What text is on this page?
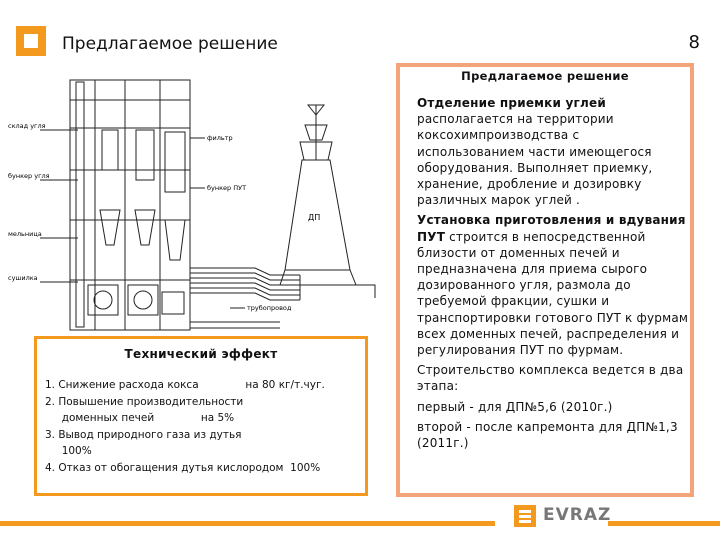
Предлагаемое решение	8
склад угля
бункер угля
мельница
сушилка
фильтр
бункер ПУТ
трубопровод
ДП
Технический эффект
1. Снижение расхода кокса              на 80 кг/т.чуг.
2. Повышение производительности
доменных печей              на 5%
3. Вывод природного газа из дутья
100%
4. Отказ от обогащения дутья кислородом  100%
Предлагаемое решение

Отделение приемки углей располагается на территории коксохимпроизводства с использованием части имеющегося оборудования. Выполняет приемку, хранение, дробление и дозировку различных марок углей .

Установка приготовления и вдувания ПУТ строится в непосредственной близости от доменных печей и предназначена для приема сырого дозированного угля, размола до требуемой фракции, сушки и транспортировки готового ПУТ к фурмам всех доменных печей, распределения и регулирования ПУТ по фурмам.

Строительство комплекса ведется в два этапа:

первый - для ДП№5,6 (2010г.)

второй - после капремонта для ДП№1,3 (2011г.)

EVRAZ
